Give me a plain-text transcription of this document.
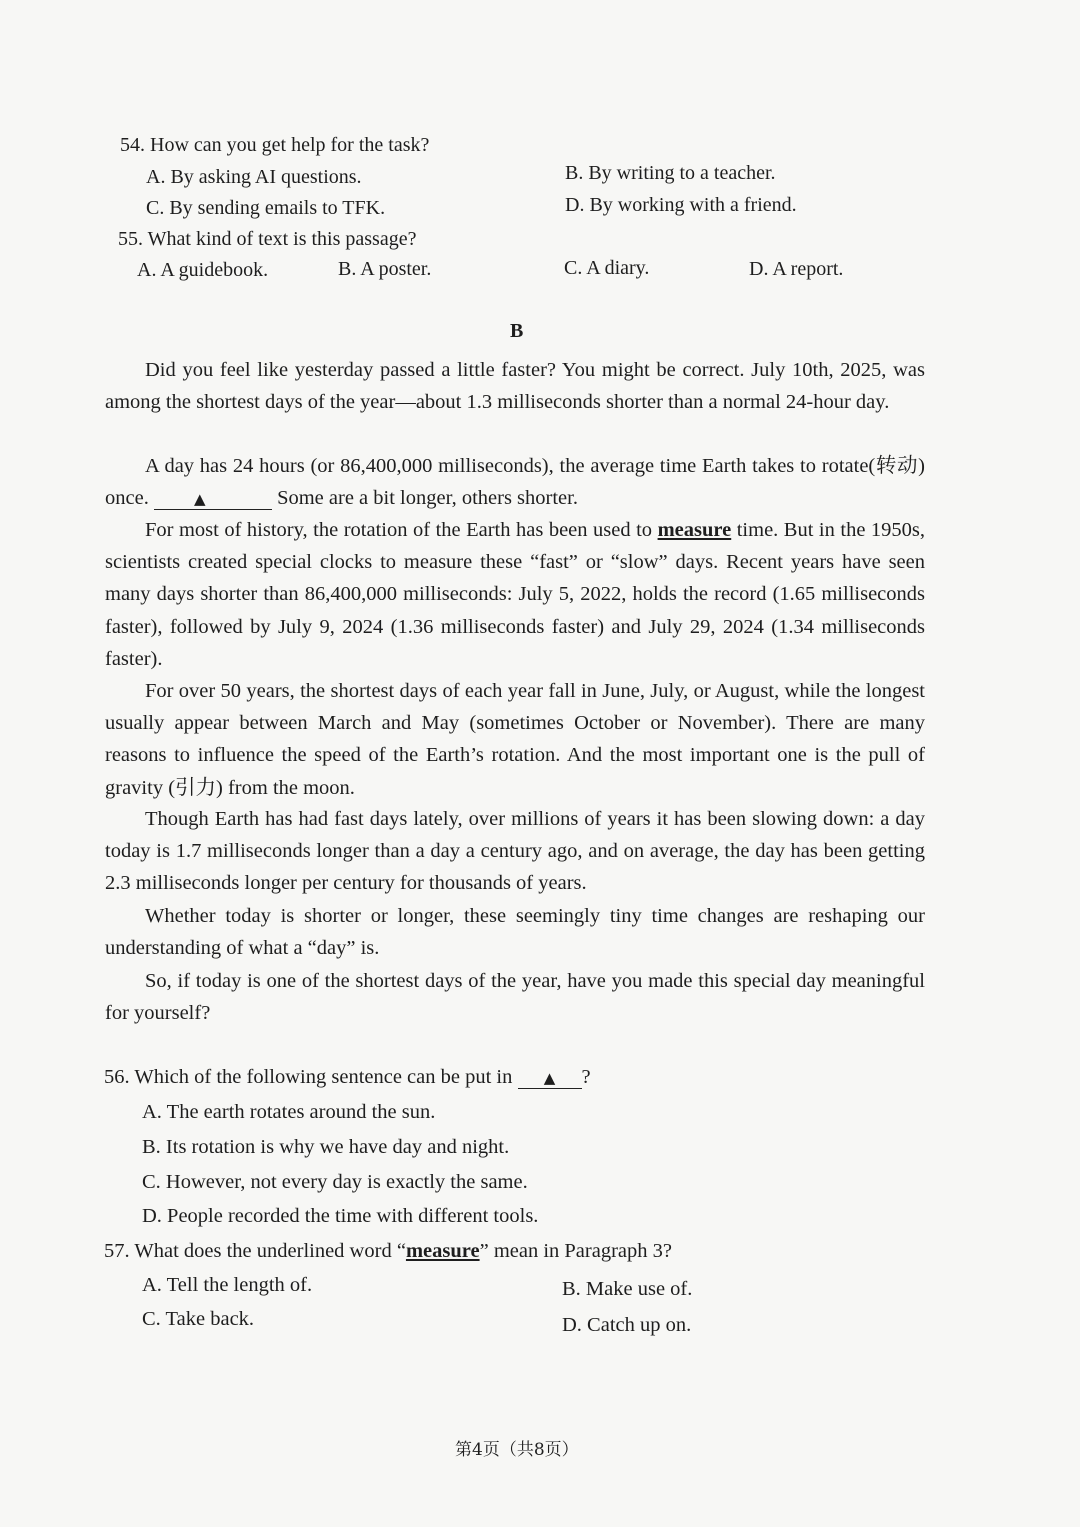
54. How can you get help for the task?
A. By asking AI questions.	B. By writing to a teacher.
C. By sending emails to TFK.	D. By working with a friend.
55. What kind of text is this passage?
A. A guidebook.	B. A poster.	C. A diary.	D. A report.
B
Did you feel like yesterday passed a little faster? You might be correct. July 10th, 2025, was among the shortest days of the year—about 1.3 milliseconds shorter than a normal 24-hour day.
A day has 24 hours (or 86,400,000 milliseconds), the average time Earth takes to rotate(转动) once.	▲	Some are a bit longer, others shorter.
For most of history, the rotation of the Earth has been used to measure time. But in the 1950s, scientists created special clocks to measure these “fast” or “slow” days. Recent years have seen many days shorter than 86,400,000 milliseconds: July 5, 2022, holds the record (1.65 milliseconds faster), followed by July 9, 2024 (1.36 milliseconds faster) and July 29, 2024 (1.34 milliseconds faster).
For over 50 years, the shortest days of each year fall in June, July, or August, while the longest usually appear between March and May (sometimes October or November). There are many reasons to influence the speed of the Earth’s rotation. And the most important one is the pull of gravity (引力) from the moon.
Though Earth has had fast days lately, over millions of years it has been slowing down: a day today is 1.7 milliseconds longer than a day a century ago, and on average, the day has been getting 2.3 milliseconds longer per century for thousands of years.
Whether today is shorter or longer, these seemingly tiny time changes are reshaping our understanding of what a “day” is.
So, if today is one of the shortest days of the year, have you made this special day meaningful for yourself?
56. Which of the following sentence can be put in ▲ ?
A. The earth rotates around the sun.
B. Its rotation is why we have day and night.
C. However, not every day is exactly the same.
D. People recorded the time with different tools.
57. What does the underlined word “measure” mean in Paragraph 3?
A. Tell the length of.	B. Make use of.
C. Take back.	D. Catch up on.
第4页（共8页）
